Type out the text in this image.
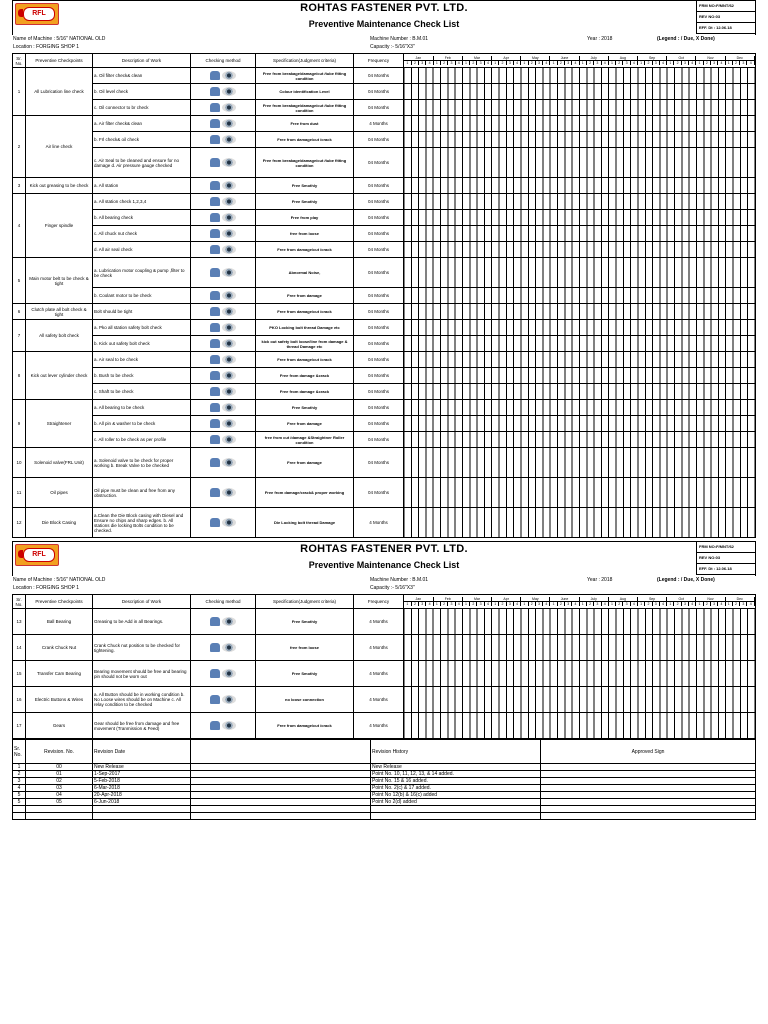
RFL	ROHTAS FASTENER PVT. LTD.
Preventive Maintenance Check List
FRM NO:F/MNT/62
REV NO:03
EFF. Dt : 12.06.18
Name of Machine : 5/16" NATIONAL OLD
Location : FORGING SHOP 1
Machine Number : B.M.01
Capacity :- 5/16"X3"
Year : 2018	(Legend : / Due, X Done)
Sr. No.	Preventive Checkpoints	Description of Work	Checking method	Specification(Judgment criteria)	Frequency		Jan	Feb	Mar	Apr	May	June	July	Aug	Sep	Oct	Nov	Dec
1	2	3	4	1	2	3	4	1	2	3	4	1	2	3	4	1	2	3	4	1	2	3	4	1	2	3	4	1	2	3	4	1	2	3	4	1	2	3	4	1	2	3	4	1	2	3	4

1	All Lubrication line check	a. Oil filter check& clean		Free from breakage/damage/cut /tube fitting condition	04 Months	
b. Oil level check		Colour identification Level	04 Months	
c. Oil connector to br check		Free from breakage/damage/cut /tube fitting condition	04 Months	
2	Air line check	a. Air filter check& clean		Free from dust	4 Months	
b. Frl check& oil check		Free from damage/cut /crack	04 Months	
c. Air Seal to be cleaned and ensure for no damage d. Air pressure gauge checked		Free from breakage/damage/cut /tube fitting condition	04 Months	
3	Kick out greasing to be check	a. All station		Free Smothly	04 Months	
4	Finger spindle	a. All station check 1,2,3,4		Free Smothly	04 Months	
b. All bearing check		Free from play	04 Months	
c. All chuck nut check		free from loose	04 Months	
d. All air seal check		Free from damage/cut /crack	04 Months	
5	Main motor belt to be check & tight	a. Lubrication motor coupling & pump ,filter to be check		Abnormal Noise,	04 Months	
b. Coolant motor to be check		Free from damage	04 Months	
6	Clutch plate all bolt check & tight	Bolt should be tight		Free from damage/cut /crack	04 Months	
7	All safety bolt check	a. Pko all station safety bolt check		PKO Locking bolt thread Damage etc	04 Months	
b. Kick out safety bolt check		kick out safety bolt loose/line from damage & thread Damage etc	04 Months	
8	Kick out lever cylinder check	a. Air seal to be check		Free from damage/cut /crack	04 Months	
b. Bush to be check		Free from damage &crack	04 Months	
c. Shaft to be check		Free from damage &crack	04 Months	
9	Straightener	a. All bearing to be check		Free Smothly	04 Months	
b. All pin & washer to be check		Free from damage	04 Months	
c. All roller to be check as per profile		free from cut /damage &Straightner Roller condition	04 Months	
10	Solenoid valve(FRL Unit)	a. Solenoid valve to be check for proper working b. Break Valve to be checked		Free from damage	04 Months	
11	Oil pipes	Oil pipe must be clean and free from any obstruction.		Free from damage/crack& proper working	04 Months	
12	Die Block Casing	a.Clean the Die Block casing with Diesel and Ensure no chips and sharp edges. b. All stations die locking Bolts condition to be checked.		Die Locking bolt thread Damage	4 Months	
RFL	ROHTAS FASTENER PVT. LTD.
Preventive Maintenance Check List
FRM NO:F/MNT/62
REV NO:03
EFF. Dt : 12.06.18
Name of Machine : 5/16" NATIONAL OLD
Location : FORGING SHOP 1
Machine Number : B.M.01
Capacity :- 5/16"X3"
Year : 2018	(Legend : / Due, X Done)
Sr. No.	Preventive Checkpoints	Description of Work	Checking method	Specification(Judgment criteria)	Frequency		Jan	Feb	Mar	Apr	May	June	July	Aug	Sep	Oct	Nov	Dec
1	2	3	4	1	2	3	4	1	2	3	4	1	2	3	4	1	2	3	4	1	2	3	4	1	2	3	4	1	2	3	4	1	2	3	4	1	2	3	4	1	2	3	4	1	2	3	4

13	Ball Bearing	Greasing to be Add in all Bearings.		Free Smothly	4 Months	
14	Crank Chuck Nut	Crank Chuck nut position to be checked for tightening.		free from loose	4 Months	
15	Transfer Cam Bearing	Bearing movement should be free and bearing pin should not be worn out		Free Smothly	4 Months	
16	Electric Buttons & Wires	a. All Button should be in working condition b. No Loose wires should be on Machine c. All relay condition to be checked		no loose connection	4 Months	
17	Gears	Gear should be free from damage and free movement (Tranmission & Feed)		Free from damage/cut /crack	4 Months	
Sr. No.	Revision. No.	Revision Date		Revision History	Approved Sign
1	00	New Release		New Release	
2	01	1-Sep-2017		Point No. 10, 11, 12, 13, & 14 added.	
3	02	5-Feb-2018		Point No. 15 & 16 added.	
4	03	6-Mar-2018		Point No. 2(c) & 17 added.	
5	04	20-Apr-2018		Point No 12(b) & 16(c) added	
5	05	6-Jun-2018		Point No 2(d) added	
